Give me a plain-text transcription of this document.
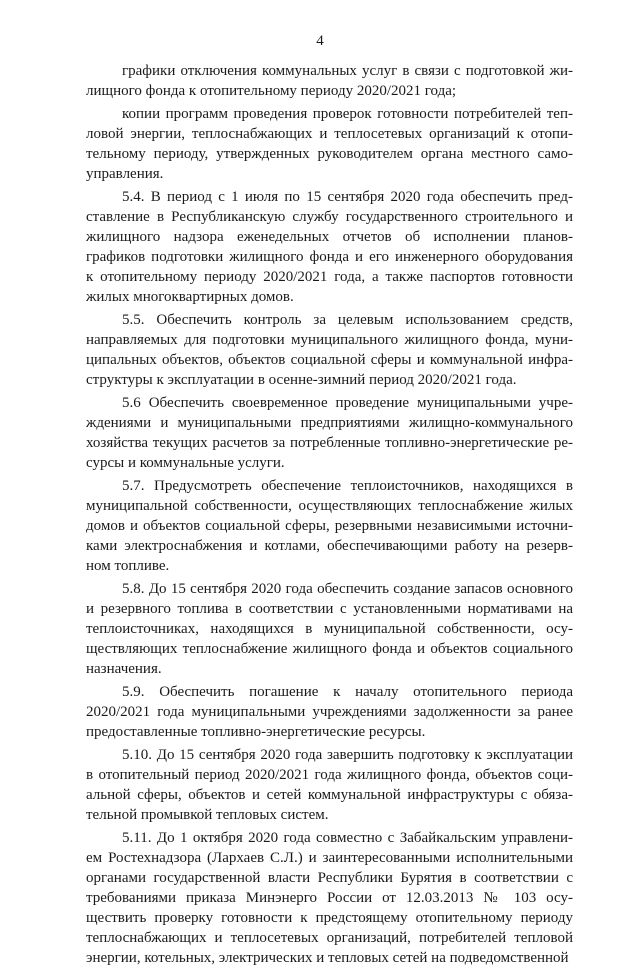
4

графики отключения коммунальных услуг в связи с подготовкой жи-
лищного фонда к отопительному периоду 2020/2021 года;

копии программ проведения проверок готовности потребителей теп-
ловой энергии, теплоснабжающих и теплосетевых организаций к отопи-
тельному периоду, утвержденных руководителем органа местного само-
управления.

5.4. В период с 1 июля по 15 сентября 2020 года обеспечить пред-
ставление в Республиканскую службу государственного строительного и
жилищного надзора еженедельных отчетов об исполнении планов-
графиков подготовки жилищного фонда и его инженерного оборудования
к отопительному периоду 2020/2021 года, а также паспортов готовности
жилых многоквартирных домов.

5.5. Обеспечить контроль за целевым использованием средств,
направляемых для подготовки муниципального жилищного фонда, муни-
ципальных объектов, объектов социальной сферы и коммунальной инфра-
структуры к эксплуатации в осенне-зимний период 2020/2021 года.

5.6 Обеспечить своевременное проведение муниципальными учре-
ждениями и муниципальными предприятиями жилищно-коммунального
хозяйства текущих расчетов за потребленные топливно-энергетические ре-
сурсы и коммунальные услуги.

5.7. Предусмотреть обеспечение теплоисточников, находящихся в
муниципальной собственности, осуществляющих теплоснабжение жилых
домов и объектов социальной сферы, резервными независимыми источни-
ками электроснабжения и котлами, обеспечивающими работу на резерв-
ном топливе.

5.8. До 15 сентября 2020 года обеспечить создание запасов основного
и резервного топлива в соответствии с установленными нормативами на
теплоисточниках, находящихся в муниципальной собственности, осу-
ществляющих теплоснабжение жилищного фонда и объектов социального
назначения.

5.9. Обеспечить погашение к началу отопительного периода
2020/2021 года муниципальными учреждениями задолженности за ранее
предоставленные топливно-энергетические ресурсы.

5.10. До 15 сентября 2020 года завершить подготовку к эксплуатации
в отопительный период 2020/2021 года жилищного фонда, объектов соци-
альной сферы, объектов и сетей коммунальной инфраструктуры с обяза-
тельной промывкой тепловых систем.

5.11. До 1 октября 2020 года совместно с Забайкальским управлени-
ем Ростехнадзора (Лархаев С.Л.) и заинтересованными исполнительными
органами государственной власти Республики Бурятия в соответствии с
требованиями приказа Минэнерго России от 12.03.2013 № 103 осу-
ществить проверку готовности к предстоящему отопительному периоду
теплоснабжающих и теплосетевых организаций, потребителей тепловой
энергии, котельных, электрических и тепловых сетей на подведомственной
